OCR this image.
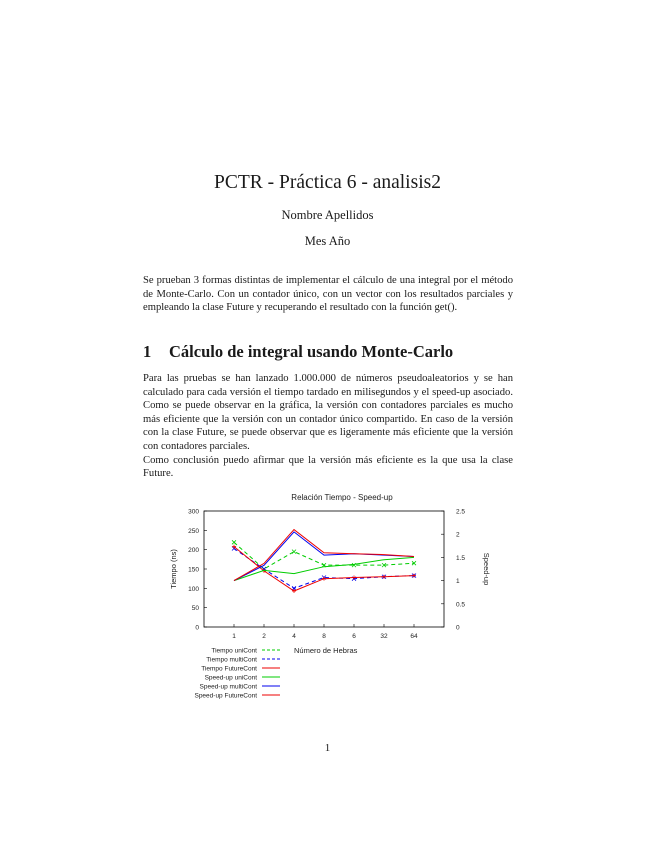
PCTR - Práctica 6 - analisis2
Nombre Apellidos
Mes Año
Se prueban 3 formas distintas de implementar el cálculo de una integral por el método de Monte-Carlo. Con un contador único, con un vector con los resultados parciales y empleando la clase Future y recuperando el resultado con la función get().
1 Cálculo de integral usando Monte-Carlo

Para las pruebas se han lanzado 1.000.000 de números pseudoaleatorios y se han calculado para cada versión el tiempo tardado en milisegundos y el speed-up asociado. Como se puede observar en la gráfica, la versión con contadores parciales es mucho más eficiente que la versión con un contador único compartido. En caso de la versión con la clase Future, se puede observar que es ligeramente más eficiente que la versión con contadores parciales.

Como conclusión puedo afirmar que la versión más eficiente es la que usa la clase Future.

Relación Tiempo - Speed-up
0
50
100
150
200
250
300
0
0.5
1
1.5
2
2.5
1	2	4	8	6	32	64
Tiempo (ns)	Speed-up
Número de Hebras
Tiempo uniCont
Tiempo multiCont
Tiempo FutureCont
Speed-up uniCont
Speed-up multiCont
Speed-up FutureCont
1
